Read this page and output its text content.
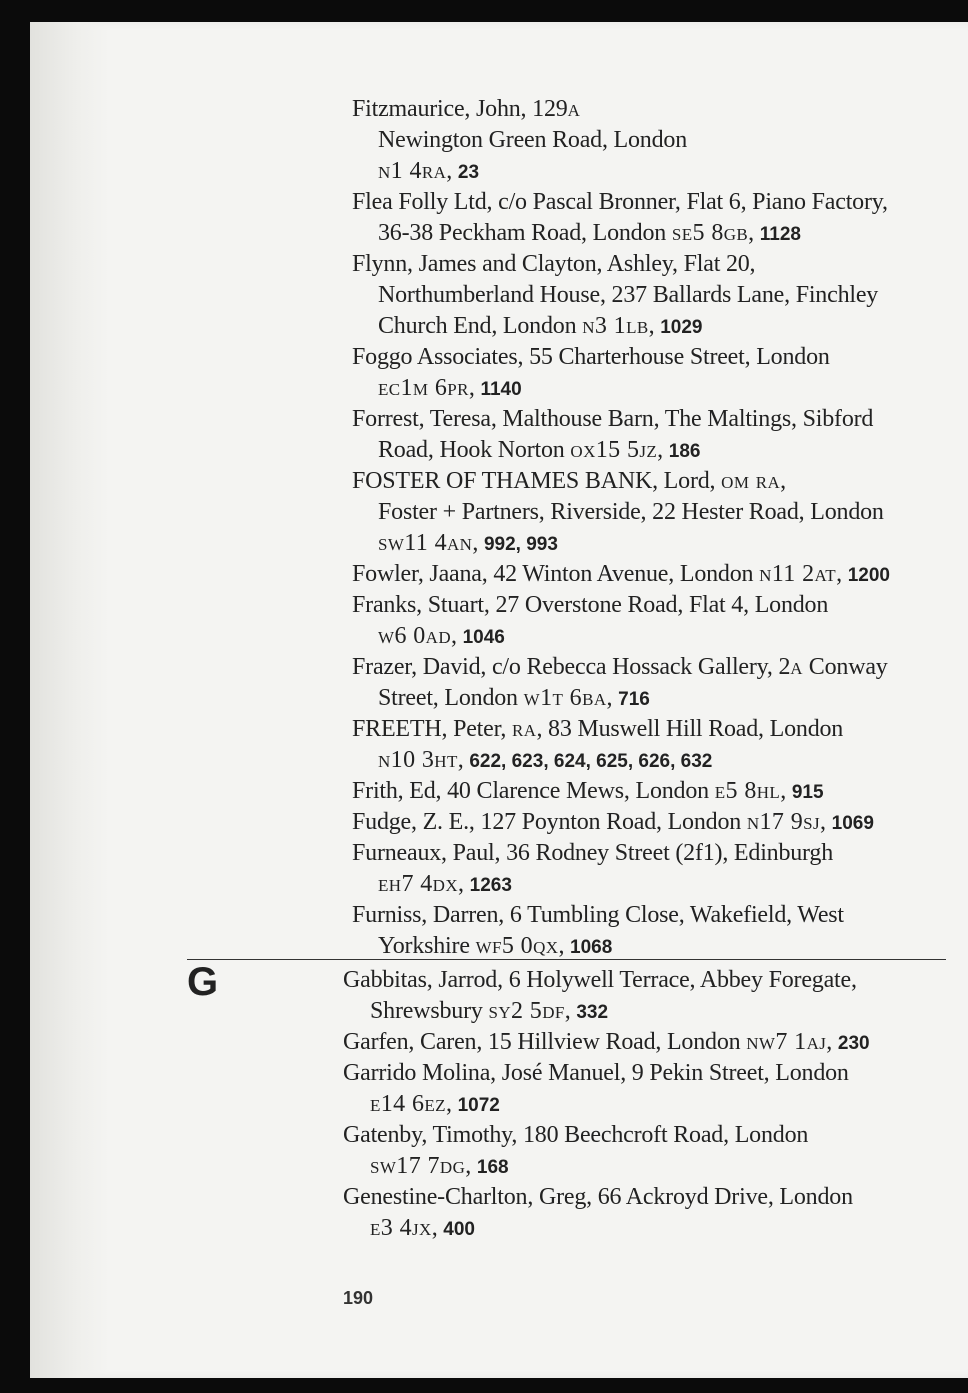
Fitzmaurice, John, 129a
Newington Green Road, London
n1 4ra, 23
Flea Folly Ltd, c/o Pascal Bronner, Flat 6, Piano Factory,
36-38 Peckham Road, London se5 8gb, 1128
Flynn, James and Clayton, Ashley, Flat 20,
Northumberland House, 237 Ballards Lane, Finchley
Church End, London n3 1lb, 1029
Foggo Associates, 55 Charterhouse Street, London
ec1m 6pr, 1140
Forrest, Teresa, Malthouse Barn, The Maltings, Sibford
Road, Hook Norton ox15 5jz, 186
FOSTER OF THAMES BANK, Lord, om ra,
Foster + Partners, Riverside, 22 Hester Road, London
sw11 4an, 992, 993
Fowler, Jaana, 42 Winton Avenue, London n11 2at, 1200
Franks, Stuart, 27 Overstone Road, Flat 4, London
w6 0ad, 1046
Frazer, David, c/o Rebecca Hossack Gallery, 2a Conway
Street, London w1t 6ba, 716
FREETH, Peter, ra, 83 Muswell Hill Road, London
n10 3ht, 622, 623, 624, 625, 626, 632
Frith, Ed, 40 Clarence Mews, London e5 8hl, 915
Fudge, Z. E., 127 Poynton Road, London n17 9sj, 1069
Furneaux, Paul, 36 Rodney Street (2f1), Edinburgh
eh7 4dx, 1263
Furniss, Darren, 6 Tumbling Close, Wakefield, West
Yorkshire wf5 0qx, 1068
Gabbitas, Jarrod, 6 Holywell Terrace, Abbey Foregate,
Shrewsbury sy2 5df, 332
Garfen, Caren, 15 Hillview Road, London nw7 1aj, 230
Garrido Molina, José Manuel, 9 Pekin Street, London
e14 6ez, 1072
Gatenby, Timothy, 180 Beechcroft Road, London
sw17 7dg, 168
Genestine-Charlton, Greg, 66 Ackroyd Drive, London
e3 4jx, 400
G
190
